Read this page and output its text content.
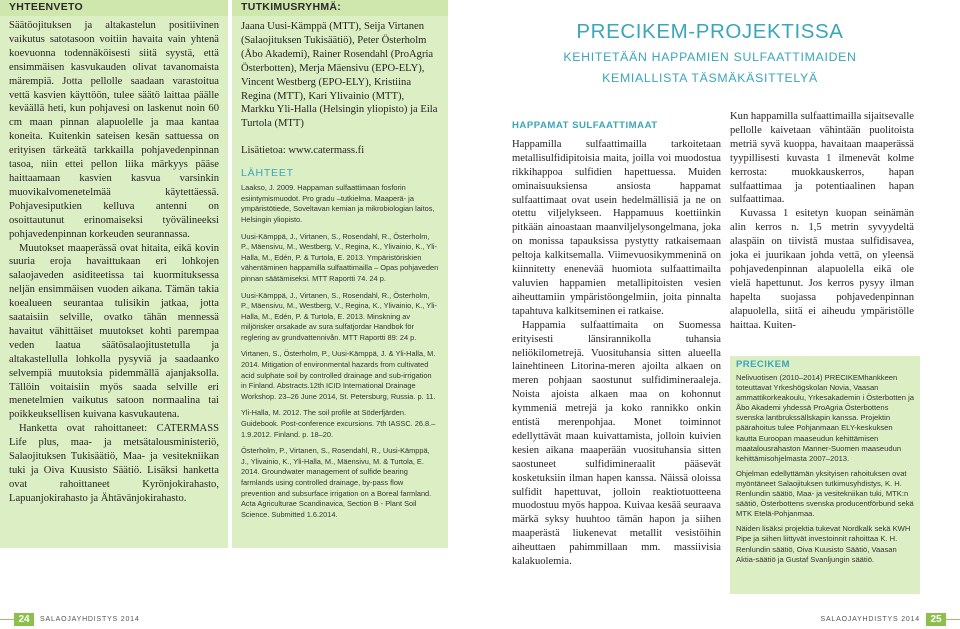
YHTEENVETO

Säätöojituksen ja altakastelun positiivinen vaikutus satotasoon voitiin havaita vain yhtenä koevuonna todennäköisesti siitä syystä, että ensimmäisen kasvukauden olivat tavanomaista märempiä. Jotta pellolle saadaan varastoitua vettä kasvien käyttöön, tulee säätö laittaa päälle keväällä heti, kun pohjavesi on laskenut noin 60 cm maan pinnan alapuolelle ja maa kantaa koneita. Kuitenkin sateisen kesän sattuessa on erityisen tärkeätä tarkkailla pohjavedenpinnan tasoa, niin ettei pellon liika märkyys pääse haittaamaan kasvien kasvua varsinkin muovikalvomenetelmää käytettäessä. Pohjavesiputkien kelluva antenni on osoittautunut erinomaiseksi työvälineeksi pohjavedenpinnan korkeuden seurannassa.

Muutokset maaperässä ovat hitaita, eikä kovin suuria eroja havaittukaan eri lohkojen salaojaveden asiditeetissa tai kuormituksessa neljän ensimmäisen vuoden aikana. Tämän takia koealueen seurantaa tulisikin jatkaa, jotta saataisiin selville, ovatko tähän mennessä havaitut vähittäiset muutokset kohti parempaa veden laatua säätösalaojitustetulla ja altakastellulla lohkolla pysyviä ja saadaanko selvempiä muutoksia pidemmällä ajanjaksolla. Tällöin voitaisiin myös saada selville eri menetelmien vaikutus satoon normaalina tai poikkeuksellisen kuivana kasvukautena.

Hanketta ovat rahoittaneet: CATERMASS Life plus, maa- ja metsätalousministeriö, Salaojituksen Tukisäätiö, Maa- ja vesitekniikan tuki ja Oiva Kuusisto Säätiö. Lisäksi hanketta ovat rahoittaneet Kyrönjokirahasto, Lapuanjokirahasto ja Ähtävänjokirahasto.

TUTKIMUSRYHMÄ:

Jaana Uusi-Kämppä (MTT), Seija Virtanen (Salaojituksen Tukisäätiö), Peter Österholm (Åbo Akademi), Rainer Rosendahl (ProAgria Österbotten), Merja Mäensivu (EPO-ELY), Vincent Westberg (EPO-ELY), Kristiina Regina (MTT), Kari Ylivainio (MTT), Markku Yli-Halla (Helsingin yliopisto) ja Eila Turtola (MTT)

Lisätietoa: www.catermass.fi

LÄHTEET

Laakso, J. 2009. Happaman sulfaattimaan fosforin esiintymismuodot. Pro gradu –tutkielma. Maaperä- ja ympäristötiede, Soveltavan kemian ja mikrobiologian laitos, Helsingin yliopisto.

Uusi-Kämppä, J., Virtanen, S., Rosendahl, R., Österholm, P., Mäensivu, M., Westberg, V., Regina, K., Ylivainio, K., Yli-Halla, M., Edén, P. & Turtola, E. 2013. Ympäristöriskien vähentäminen happamilla sulfaattimailla – Opas pohjaveden pinnan säätämiseksi. MTT Raportti 74. 24 p.

Uusi-Kämppä, J., Virtanen, S., Rosendahl, R., Österholm, P., Mäensivu, M., Westberg, V., Regina, K., Ylivainio, K., Yli-Halla, M., Edén, P. & Turtola, E. 2013. Minskning av miljörisker orsakade av sura sulfatjordar Handbok för reglering av grundvattennivån. MTT Raportti 89: 24 p.

Virtanen, S., Österholm, P., Uusi-Kämppä, J. & Yli-Halla, M. 2014. Mitigation of environmental hazards from cultivated acid sulphate soil by controlled drainage and sub-irrigation in Finland. Abstracts.12th ICID International Drainage Workshop. 23–26 June 2014, St. Petersburg, Russia. p. 11.

Yli-Halla, M. 2012. The soil profile at Söderfjärden. Guidebook. Post-conference excursions. 7th IASSC. 26.8.–1.9.2012. Finland. p. 18–20.

Österholm, P., Virtanen, S., Rosendahl, R., Uusi-Kämppä, J., Ylivainio, K., Yli-Halla, M., Mäensivu, M. & Turtola, E. 2014. Groundwater management of sulfide bearing farmlands using controlled drainage, by-pass flow prevention and subsurface irrigation on a Boreal farmland. Acta Agriculturae Scandinavica, Section B - Plant Soil Science. Submitted 1.6.2014.

PRECIKEM-PROJEKTISSA
KEHITETÄÄN HAPPAMIEN SULFAATTIMAIDEN
KEMIALLISTA TÄSMÄKÄSITTELYÄ
HAPPAMAT SULFAATTIMAAT

Happamilla sulfaattimailla tarkoitetaan metallisulfidipitoisia maita, joilla voi muodostua rikkihappoa sulfidien hapettuessa. Muiden ominaisuuksiensa ansiosta happamat sulfaattimaat ovat usein hedelmällisiä ja ne on otettu viljelykseen. Happamuus koettiinkin pitkään ainoastaan maanviljelysongelmana, joka on monissa tapauksissa pystytty ratkaisemaan peltoja kalkitsemalla. Viimevuosikymmeninä on kiinnitetty enenevää huomiota sulfaattimailta valuvien happamien metallipitoisten vesien aiheuttamiin ympäristöongelmiin, joita pinnalta tapahtuva kalkitseminen ei ratkaise.

Happamia sulfaattimaita on Suomessa erityisesti länsirannikolla tuhansia neliökilometrejä. Vuosituhansia sitten alueella lainehtineen Litorina-meren ajoilta alkaen on meren pohjaan saostunut sulfidimineraaleja. Noista ajoista alkaen maa on kohonnut kymmeniä metrejä ja koko rannikko onkin entistä merenpohjaa. Monet toiminnot edellyttävät maan kuivattamista, jolloin kuivien kesien aikana maaperään vuosituhansia sitten saostuneet sulfidimineraalit pääsevät kosketuksiin ilman hapen kanssa. Näissä oloissa sulfidit hapettuvat, jolloin reaktiotuotteena muodostuu myös happoa. Kuivaa kesää seuraava märkä syksy huuhtoo tämän hapon ja siihen maaperästä liukenevat metallit vesistöihin aiheuttaen pahimmillaan mm. massiivisia kalakuolemia.

Kun happamilla sulfaattimailla sijaitsevalle pellolle kaivetaan vähintään puolitoista metriä syvä kuoppa, havaitaan maaperässä tyypillisesti kuvasta 1 ilmenevät kolme kerrosta: muokkauskerros, hapan sulfaattimaa ja potentiaalinen hapan sulfaattimaa.

Kuvassa 1 esitetyn kuopan seinämän alin kerros n. 1,5 metrin syvyydeltä alaspäin on tiivistä mustaa sulfidisavea, joka ei juurikaan johda vettä, on yleensä pohjavedenpinnan alapuolella eikä ole vielä hapettunut. Jos kerros pysyy ilman hapelta suojassa pohjavedenpinnan alapuolella, siitä ei aiheudu ympäristölle haittaa. Kuiten-

PRECIKEM

Nelivuotisen (2010–2014) PRECIKEMhankkeen toteuttavat Yrkeshögskolan Novia, Vaasan ammattikorkeakoulu, Yrkesakademin i Österbotten ja Åbo Akademi yhdessä ProAgria Österbottens svenska lantbrukssällskapin kanssa. Projektin päärahoitus tulee Pohjanmaan ELY-keskuksen kautta Euroopan maaseudun kehittämisen maatalousrahaston Manner-Suomen maaseudun kehittämisohjelmasta 2007–2013.

Ohjelman edellyttämän yksityisen rahoituksen ovat myöntäneet Salaojituksen tutkimusyhdistys, K. H. Renlundin säätiö, Maa- ja vesitekniikan tuki, MTK:n säätiö, Österbottens svenska producentförbund sekä MTK Etelä-Pohjanmaa.

Näiden lisäksi projektia tukevat Nordkalk sekä KWH Pipe ja siihen liittyvät investoinnit rahoittaa K. H. Renlundin säätiö, Oiva Kuusisto Säätiö, Vaasan Aktia-säätiö ja Gustaf Svanljungin säätiö.

24	SALAOJAYHDISTYS 2014	SALAOJAYHDISTYS 2014	25
